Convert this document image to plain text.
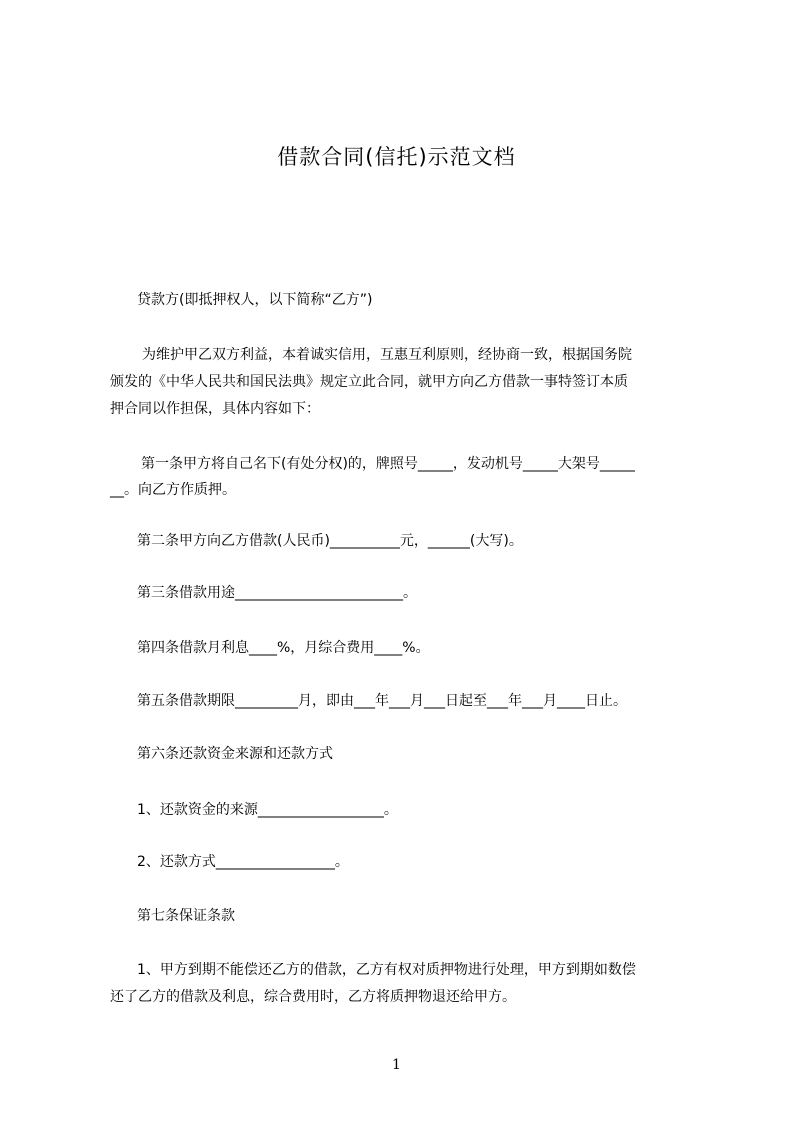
借款合同(信托)示范文档
贷款方(即抵押权人，以下简称“乙方”)
为维护甲乙双方利益，本着诚实信用，互惠互利原则，经协商一致，根据国务院
颁发的《中华人民共和国民法典》规定立此合同，就甲方向乙方借款一事特签订本质
押合同以作担保，具体内容如下：
第一条甲方将自己名下(有处分权)的，牌照号_____，发动机号_____大架号_____
__。向乙方作质押。
第二条甲方向乙方借款(人民币)__________元，______(大写)。
第三条借款用途________________________。
第四条借款月利息____%，月综合费用____%。
第五条借款期限_________月，即由___年___月___日起至___年___月____日止。
第六条还款资金来源和还款方式
1、还款资金的来源__________________。
2、还款方式_________________。
第七条保证条款
1、甲方到期不能偿还乙方的借款，乙方有权对质押物进行处理，甲方到期如数偿
还了乙方的借款及利息，综合费用时，乙方将质押物退还给甲方。
1
